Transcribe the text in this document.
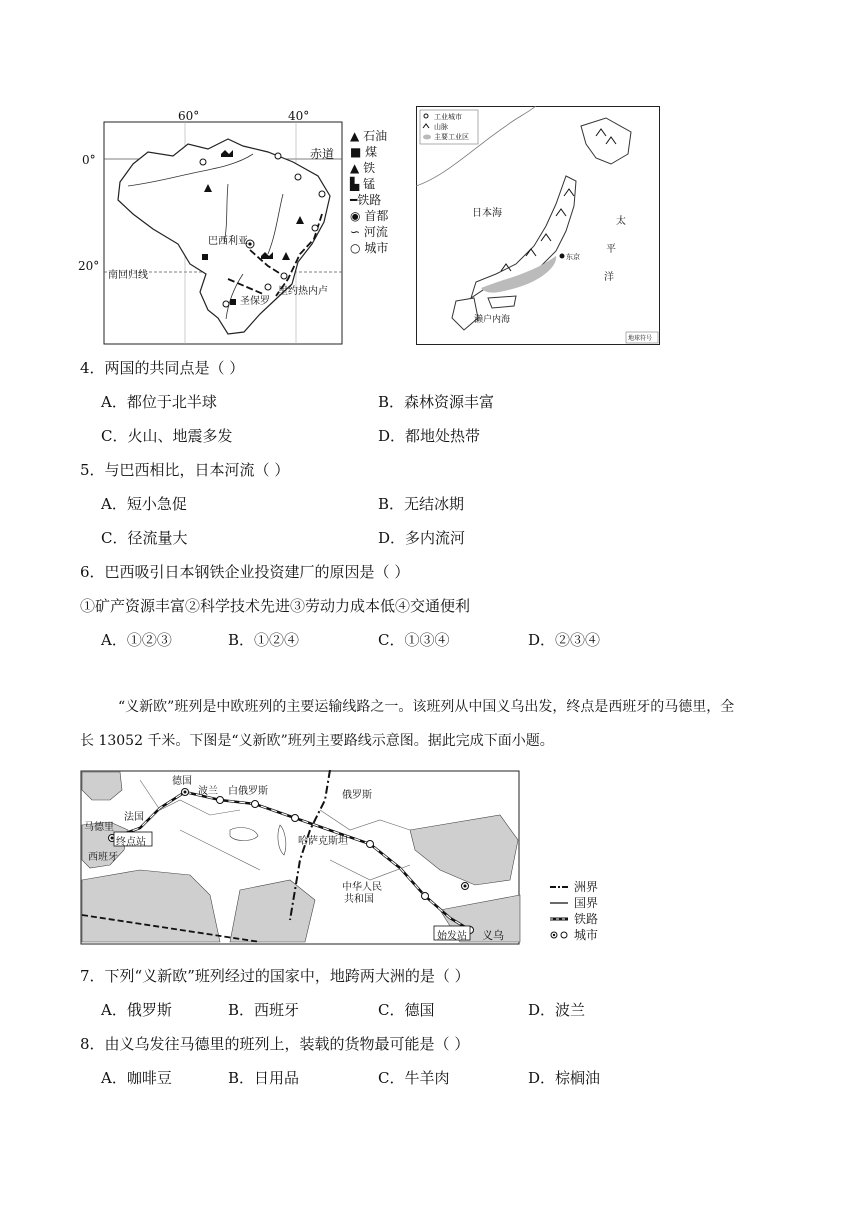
60°	40°
0°
20°
赤道
南回归线
巴西利亚
圣保罗
里约热内卢
▲ 石油
■ 煤
▲ 铁
▙ 锰
━铁路
◉ 首都
∽ 河流
○ 城市
工业城市
山脉
主要工业区
日本海
太
平
洋
东京
濑户内海
地球符号
4．两国的共同点是（ ）
A．都位于北半球	B．森林资源丰富
C．火山、地震多发	D．都地处热带
5．与巴西相比，日本河流（ ）
A．短小急促	B．无结冰期
C．径流量大	D．多内流河
6．巴西吸引日本钢铁企业投资建厂的原因是（ ）
①矿产资源丰富②科学技术先进③劳动力成本低④交通便利
A．①②③	B．①②④	C．①③④	D．②③④
“义新欧”班列是中欧班列的主要运输线路之一。该班列从中国义乌出发，终点是西班牙的马德里，全
长 13052 千米。下图是“义新欧”班列主要路线示意图。据此完成下面小题。
德国
波兰 白俄罗斯	俄罗斯
马德里
法国
终点站
西班牙
哈萨克斯坦
中华人民
共和国
始发站 义乌
洲界
国界
铁路
城市
7．下列“义新欧”班列经过的国家中，地跨两大洲的是（ ）
A．俄罗斯	B．西班牙	C．德国	D．波兰
8．由义乌发往马德里的班列上，装载的货物最可能是（ ）
A．咖啡豆	B．日用品	C．牛羊肉	D．棕榈油
